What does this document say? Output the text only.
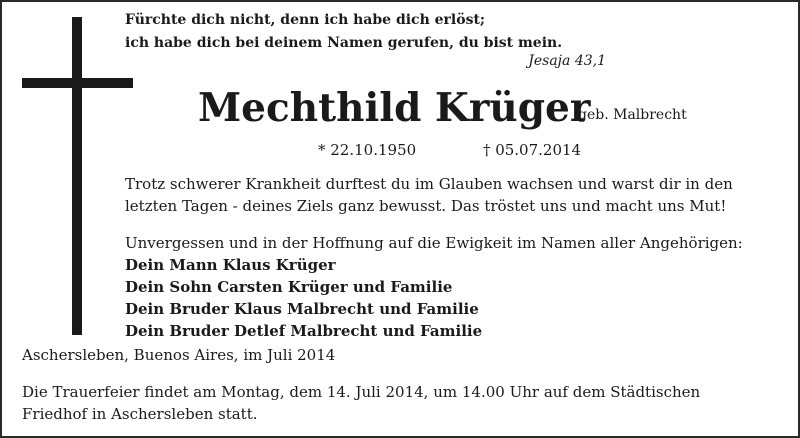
Fürchte dich nicht, denn ich habe dich erlöst;
ich habe dich bei deinem Namen gerufen, du bist mein.
Jesaja 43,1
Mechthild Krüger
geb. Malbrecht
* 22.10.1950	† 05.07.2014
Trotz schwerer Krankheit durftest du im Glauben wachsen und warst dir in den
letzten Tagen - deines Ziels ganz bewusst. Das tröstet uns und macht uns Mut!
Unvergessen und in der Hoffnung auf die Ewigkeit im Namen aller Angehörigen:
Dein Mann Klaus Krüger
Dein Sohn Carsten Krüger und Familie
Dein Bruder Klaus Malbrecht und Familie
Dein Bruder Detlef Malbrecht und Familie
Aschersleben, Buenos Aires, im Juli 2014
Die Trauerfeier findet am Montag, dem 14. Juli 2014, um 14.00 Uhr auf dem Städtischen
Friedhof in Aschersleben statt.
